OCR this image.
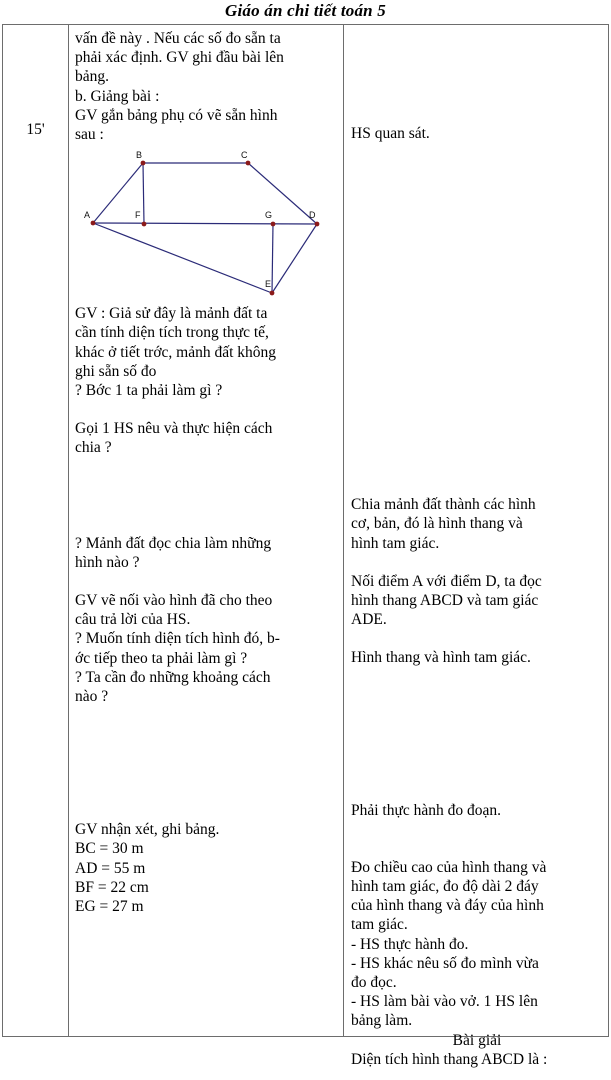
Giáo án chi tiết toán 5
15'

vấn đề này . Nếu các số đo sẵn ta

phải xác định. GV ghi đầu bài lên

bảng.

b. Giảng bài :

GV gắn bảng phụ có vẽ sẵn hình

sau :

A
B	C
D
E
F	G

GV : Giả sử đây là mảnh đất ta

cần tính diện tích trong thực tế,

khác ở tiết trớc, mảnh đất không

ghi sẵn số đo

? Bớc 1 ta phải làm gì ?

Gọi 1 HS nêu và thực hiện cách

chia ?

? Mảnh đất đọc chia làm những

hình nào ?

GV vẽ nối vào hình đã cho theo

câu trả lời của HS.

? Muốn tính diện tích hình đó, b-

ớc tiếp theo ta phải làm gì ?

? Ta cần đo những khoảng cách

nào ?

GV nhận xét, ghi bảng.

BC = 30 m

AD = 55 m

BF = 22 cm

EG = 27 m

HS quan sát.

Chia mảnh đất thành các hình

cơ, bản, đó là hình thang và

hình tam giác.

Nối điểm A với điểm D, ta đọc

hình thang ABCD và tam giác

ADE.

Hình thang và hình tam giác.

Phải thực hành đo đoạn.

Đo chiều cao của hình thang và

hình tam giác, đo độ dài 2 đáy

của hình thang và đáy của hình

tam giác.

- HS thực hành đo.

- HS khác nêu số đo mình vừa

đo đọc.

- HS làm bài vào vở. 1 HS lên

bảng làm.

Bài giải

Diện tích hình thang ABCD là :
